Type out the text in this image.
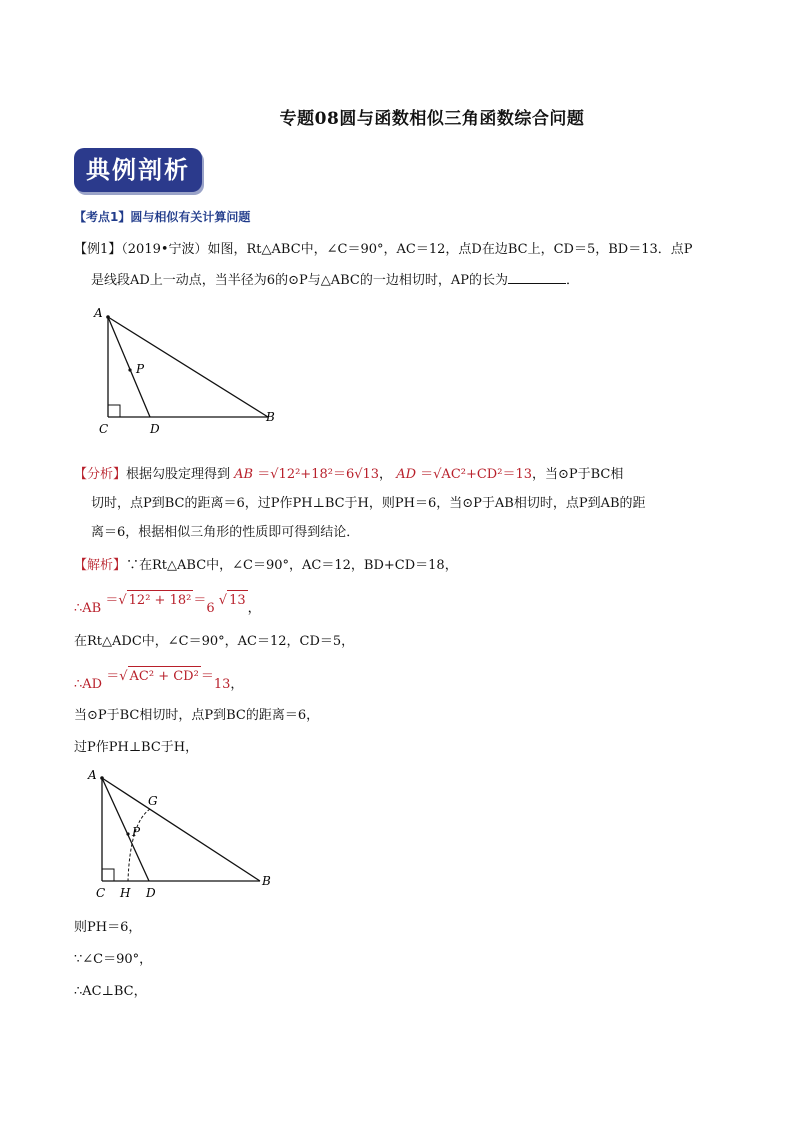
专题08圆与函数相似三角函数综合问题
典例剖析
【考点1】圆与相似有关计算问题
【例1】（2019•宁波）如图，Rt△ABC中，∠C＝90°，AC＝12，点D在边BC上，CD＝5，BD＝13．点P
是线段AD上一动点，当半径为6的⊙P与△ABC的一边相切时，AP的长为	．
A
P
C	D
B
【分析】根据勾股定理得到 AB ＝√12²+18²＝6√13， AD ＝√AC²+CD²＝13，当⊙P于BC相
切时，点P到BC的距离＝6，过P作PH⊥BC于H，则PH＝6，当⊙P于AB相切时，点P到AB的距
离＝6，根据相似三角形的性质即可得到结论．
【解析】∵在Rt△ABC中，∠C＝90°，AC＝12，BD+CD＝18，
∴AB ＝√ 12² + 18² ＝6 √ 13，
在Rt△ADC中，∠C＝90°，AC＝12，CD＝5，
∴AD ＝√ AC² + CD² ＝13，
当⊙P于BC相切时，点P到BC的距离＝6，
过P作PH⊥BC于H，
A
G
P
C H D
B
则PH＝6，
∵∠C＝90°，
∴AC⊥BC，
